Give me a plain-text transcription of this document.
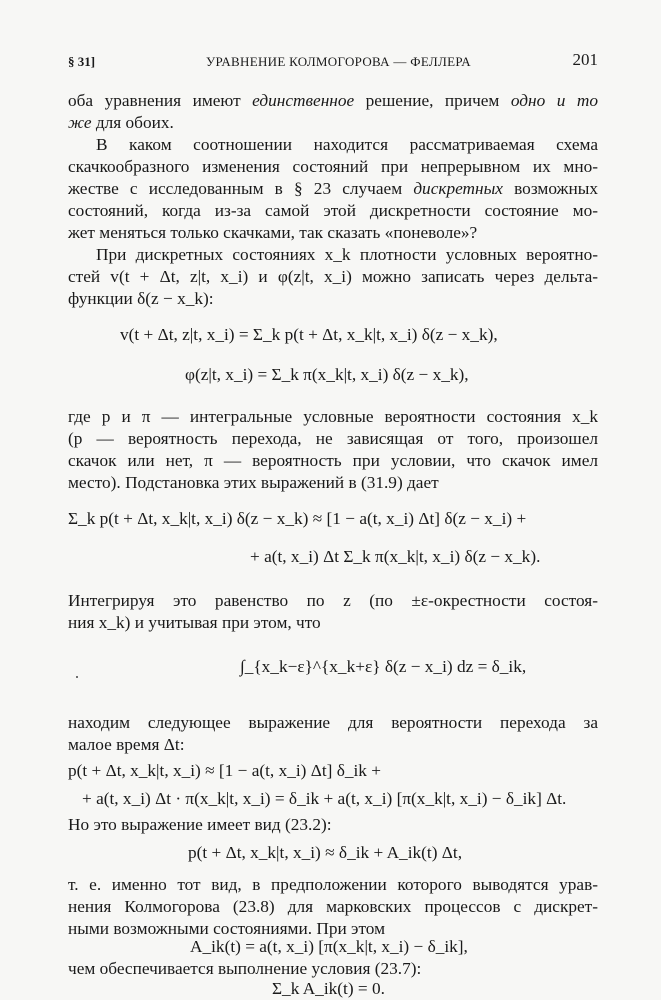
§ 31]	УРАВНЕНИЕ КОЛМОГОРОВА — ФЕЛЛЕРА	201
оба уравнения имеют единственное решение, причем одно и то
же для обоих.
В каком соотношении находится рассматриваемая схема
скачкообразного изменения состояний при непрерывном их мно-
жестве с исследованным в § 23 случаем дискретных возможных
состояний, когда из-за самой этой дискретности состояние мо-
жет меняться только скачками, так сказать «поневоле»?
При дискретных состояниях x_k плотности условных вероятно-
стей v(t + Δt, z|t, x_i) и φ(z|t, x_i) можно записать через дельта-
функции δ(z − x_k):
v(t + Δt, z|t, x_i) = Σ_k p(t + Δt, x_k|t, x_i) δ(z − x_k),
φ(z|t, x_i) = Σ_k π(x_k|t, x_i) δ(z − x_k),
где p и π — интегральные условные вероятности состояния x_k
(p — вероятность перехода, не зависящая от того, произошел
скачок или нет, π — вероятность при условии, что скачок имел
место). Подстановка этих выражений в (31.9) дает
Σ_k p(t + Δt, x_k|t, x_i) δ(z − x_k) ≈ [1 − a(t, x_i) Δt] δ(z − x_i) +
+ a(t, x_i) Δt Σ_k π(x_k|t, x_i) δ(z − x_k).
Интегрируя это равенство по z (по ±ε-окрестности состоя-
ния x_k) и учитывая при этом, что
∫_{x_k−ε}^{x_k+ε} δ(z − x_i) dz = δ_ik,
находим следующее выражение для вероятности перехода за
малое время Δt:
p(t + Δt, x_k|t, x_i) ≈ [1 − a(t, x_i) Δt] δ_ik +
+ a(t, x_i) Δt · π(x_k|t, x_i) = δ_ik + a(t, x_i) [π(x_k|t, x_i) − δ_ik] Δt.
Но это выражение имеет вид (23.2):
p(t + Δt, x_k|t, x_i) ≈ δ_ik + A_ik(t) Δt,
т. е. именно тот вид, в предположении которого выводятся урав-
нения Колмогорова (23.8) для марковских процессов с дискрет-
ными возможными состояниями. При этом
A_ik(t) = a(t, x_i) [π(x_k|t, x_i) − δ_ik],
чем обеспечивается выполнение условия (23.7):
Σ_k A_ik(t) = 0.
